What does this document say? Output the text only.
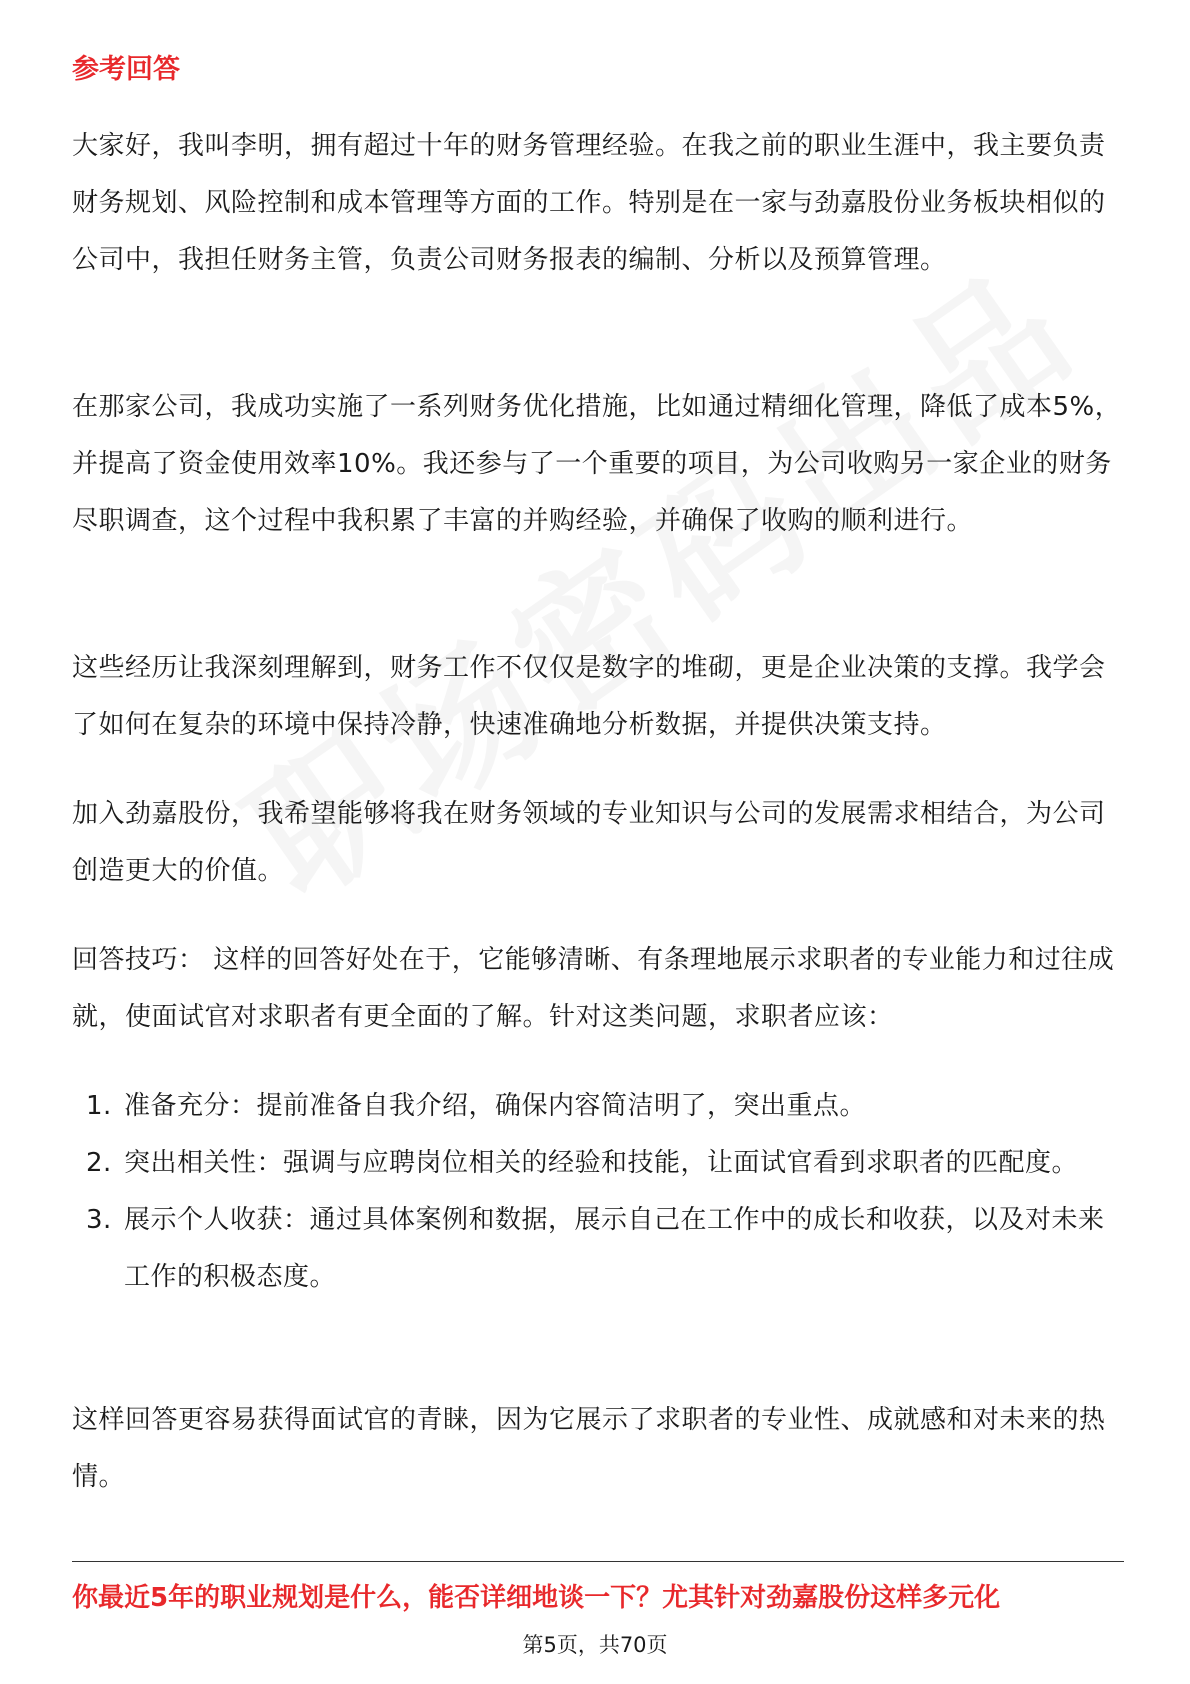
参考回答

大家好，我叫李明，拥有超过十年的财务管理经验。在我之前的职业生涯中，我主要负责财务规划、风险控制和成本管理等方面的工作。特别是在一家与劲嘉股份业务板块相似的公司中，我担任财务主管，负责公司财务报表的编制、分析以及预算管理。

在那家公司，我成功实施了一系列财务优化措施，比如通过精细化管理，降低了成本5%，并提高了资金使用效率10%。我还参与了一个重要的项目，为公司收购另一家企业的财务尽职调查，这个过程中我积累了丰富的并购经验，并确保了收购的顺利进行。

这些经历让我深刻理解到，财务工作不仅仅是数字的堆砌，更是企业决策的支撑。我学会了如何在复杂的环境中保持冷静，快速准确地分析数据，并提供决策支持。

加入劲嘉股份，我希望能够将我在财务领域的专业知识与公司的发展需求相结合，为公司创造更大的价值。

回答技巧： 这样的回答好处在于，它能够清晰、有条理地展示求职者的专业能力和过往成就，使面试官对求职者有更全面的了解。针对这类问题，求职者应该：

1. 准备充分：提前准备自我介绍，确保内容简洁明了，突出重点。
2. 突出相关性：强调与应聘岗位相关的经验和技能，让面试官看到求职者的匹配度。
3. 展示个人收获：通过具体案例和数据，展示自己在工作中的成长和收获，以及对未来工作的积极态度。

这样回答更容易获得面试官的青睐，因为它展示了求职者的专业性、成就感和对未来的热情。

你最近5年的职业规划是什么，能否详细地谈一下？尤其针对劲嘉股份这样多元化
第5页，共70页
